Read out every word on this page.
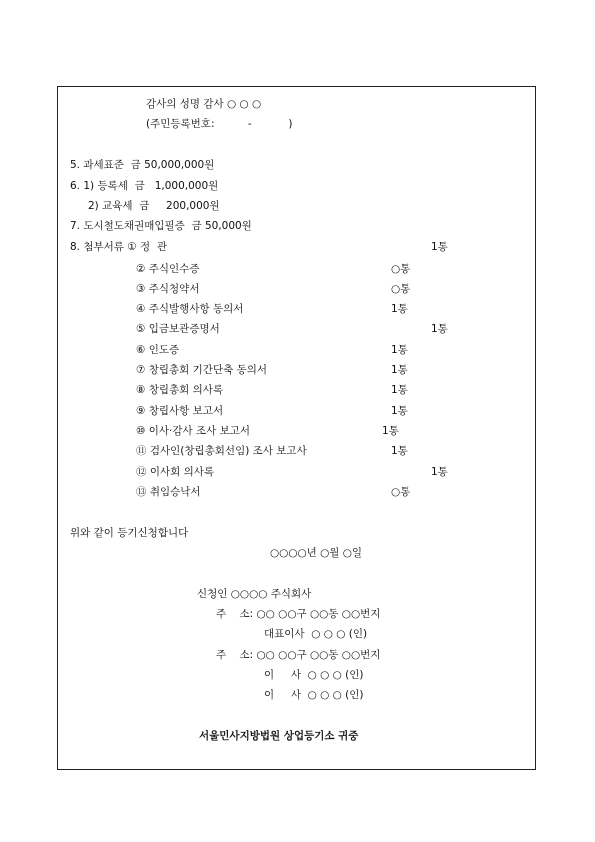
감사의 성명 감사 ○ ○ ○
(주민등록번호:          -           )
5. 과세표준  금 50,000,000원
6. 1) 등록세  금   1,000,000원
2) 교육세  금     200,000원
7. 도시철도채권매입필증  금 50,000원
8. 첨부서류 ① 정  관	1통
② 주식인수증	○통
③ 주식청약서	○통
④ 주식발행사항 동의서	1통
⑤ 입금보관증명서	1통
⑥ 인도증	1통
⑦ 창립총회 기간단축 동의서	1통
⑧ 창립총회 의사록	1통
⑨ 창립사항 보고서	1통
⑩ 이사·감사 조사 보고서	1통
⑪ 검사인(창립총회선임) 조사 보고사	1통
⑫ 이사회 의사록	1통
⑬ 취임승낙서	○통
위와 같이 등기신청합니다
○○○○년 ○월 ○일
신청인 ○○○○ 주식회사
주    소: ○○ ○○구 ○○동 ○○번지
대표이사  ○ ○ ○ (인)
주    소: ○○ ○○구 ○○동 ○○번지
이     사  ○ ○ ○ (인)
이     사  ○ ○ ○ (인)
서울민사지방법원 상업등기소 귀중
